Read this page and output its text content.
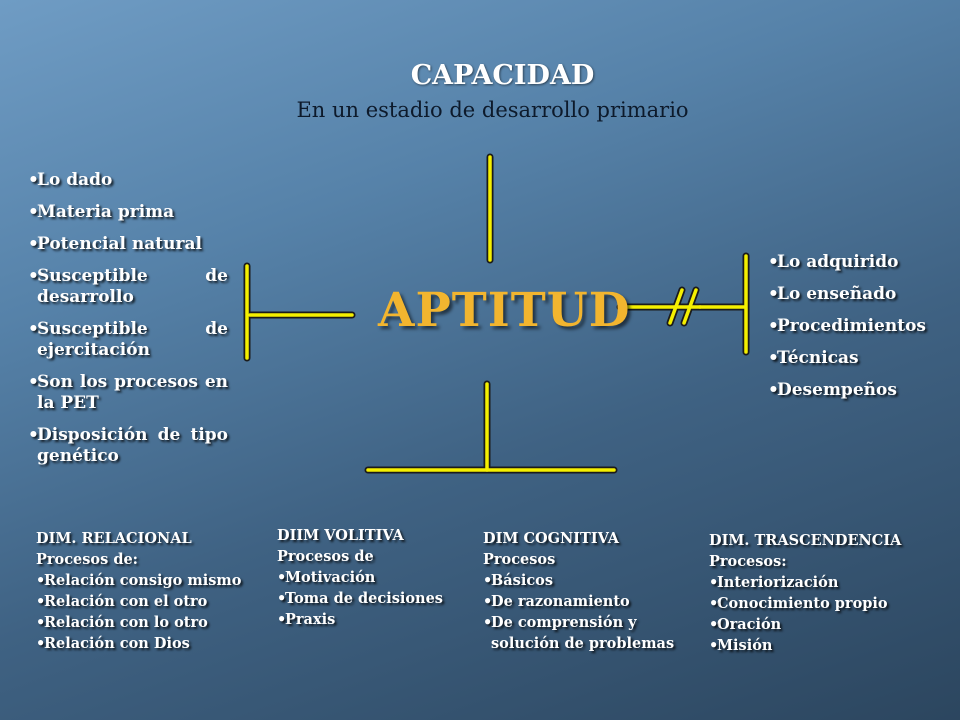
CAPACIDAD
En un estadio de desarrollo primario
APTITUD
• Lo dado
• Materia prima
• Potencial natural
• Susceptible de desarrollo
• Susceptible de ejercitación
• Son los procesos en la PET
• Disposición de tipo genético
• Lo adquirido
• Lo enseñado
• Procedimientos
• Técnicas
• Desempeños

DIM. RELACIONAL

Procesos de:

• Relación consigo mismo
• Relación con el otro
• Relación con lo otro
• Relación con Dios

DIIM VOLITIVA

Procesos de

• Motivación
• Toma de decisiones
• Praxis

DIM COGNITIVA

Procesos

• Básicos
• De razonamiento
• De comprensión y solución de problemas

DIM. TRASCENDENCIA

Procesos:

• Interiorización
• Conocimiento propio
• Oración
• Misión
